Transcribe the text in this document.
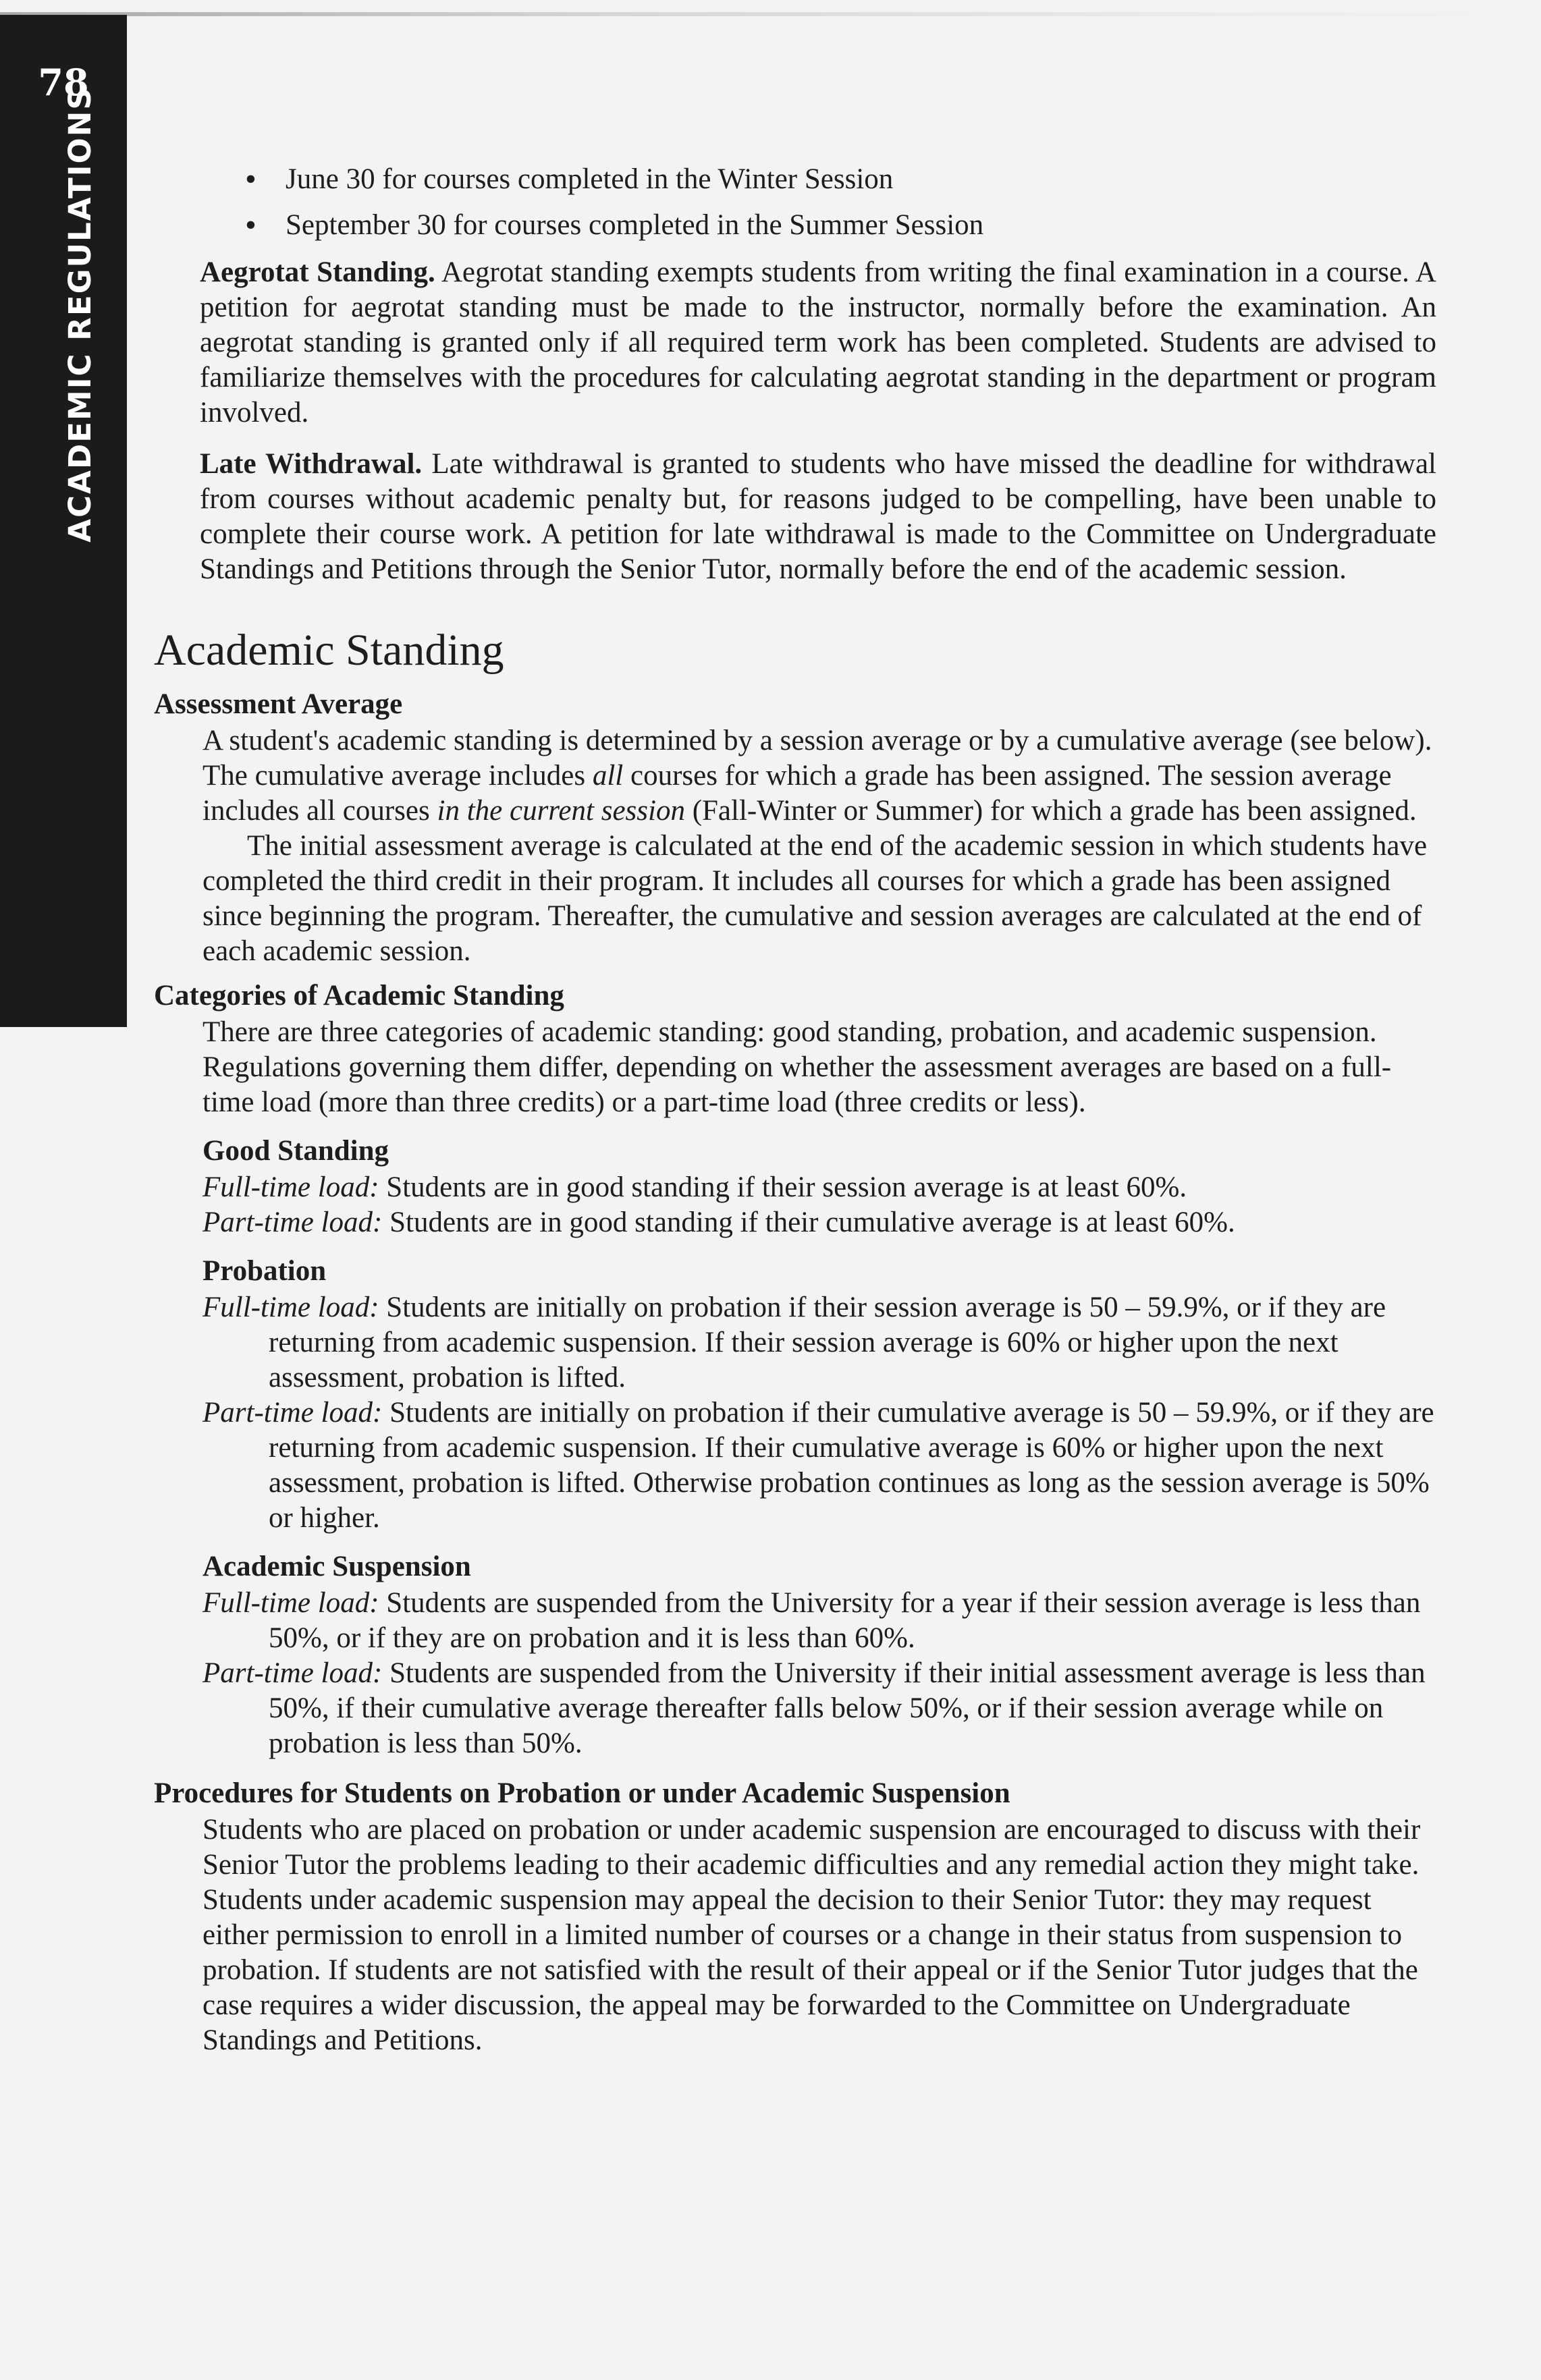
78
ACADEMIC REGULATIONS
•	June 30 for courses completed in the Winter Session
• September 30 for courses completed in the Summer Session

Aegrotat Standing. Aegrotat standing exempts students from writing the final examination in a course. A petition for aegrotat standing must be made to the instructor, normally before the examination. An aegrotat standing is granted only if all required term work has been completed. Students are advised to familiarize themselves with the procedures for calculating aegrotat standing in the department or program involved.

Late Withdrawal. Late withdrawal is granted to students who have missed the deadline for withdrawal from courses without academic penalty but, for reasons judged to be compelling, have been unable to complete their course work. A petition for late withdrawal is made to the Committee on Undergraduate Standings and Petitions through the Senior Tutor, normally before the end of the academic session.

Academic Standing
Assessment Average

A student's academic standing is determined by a session average or by a cumulative average (see below). The cumulative average includes all courses for which a grade has been assigned. The session average includes all courses in the current session (Fall-Winter or Summer) for which a grade has been assigned.

The initial assessment average is calculated at the end of the academic session in which students have completed the third credit in their program. It includes all courses for which a grade has been assigned since beginning the program. Thereafter, the cumulative and session averages are calculated at the end of each academic session.

Categories of Academic Standing

There are three categories of academic standing: good standing, probation, and academic suspension. Regulations governing them differ, depending on whether the assessment averages are based on a full-time load (more than three credits) or a part-time load (three credits or less).

Good Standing

Full-time load: Students are in good standing if their session average is at least 60%.

Part-time load: Students are in good standing if their cumulative average is at least 60%.

Probation

Full-time load: Students are initially on probation if their session average is 50 – 59.9%, or if they are returning from academic suspension. If their session average is 60% or higher upon the next assessment, probation is lifted.

Part-time load: Students are initially on probation if their cumulative average is 50 – 59.9%, or if they are returning from academic suspension. If their cumulative average is 60% or higher upon the next assessment, probation is lifted. Otherwise probation continues as long as the session average is 50% or higher.

Academic Suspension

Full-time load: Students are suspended from the University for a year if their session average is less than 50%, or if they are on probation and it is less than 60%.

Part-time load: Students are suspended from the University if their initial assessment average is less than 50%, if their cumulative average thereafter falls below 50%, or if their session average while on probation is less than 50%.

Procedures for Students on Probation or under Academic Suspension

Students who are placed on probation or under academic suspension are encouraged to discuss with their Senior Tutor the problems leading to their academic difficulties and any remedial action they might take. Students under academic suspension may appeal the decision to their Senior Tutor: they may request either permission to enroll in a limited number of courses or a change in their status from suspension to probation. If students are not satisfied with the result of their appeal or if the Senior Tutor judges that the case requires a wider discussion, the appeal may be forwarded to the Committee on Undergraduate Standings and Petitions.
